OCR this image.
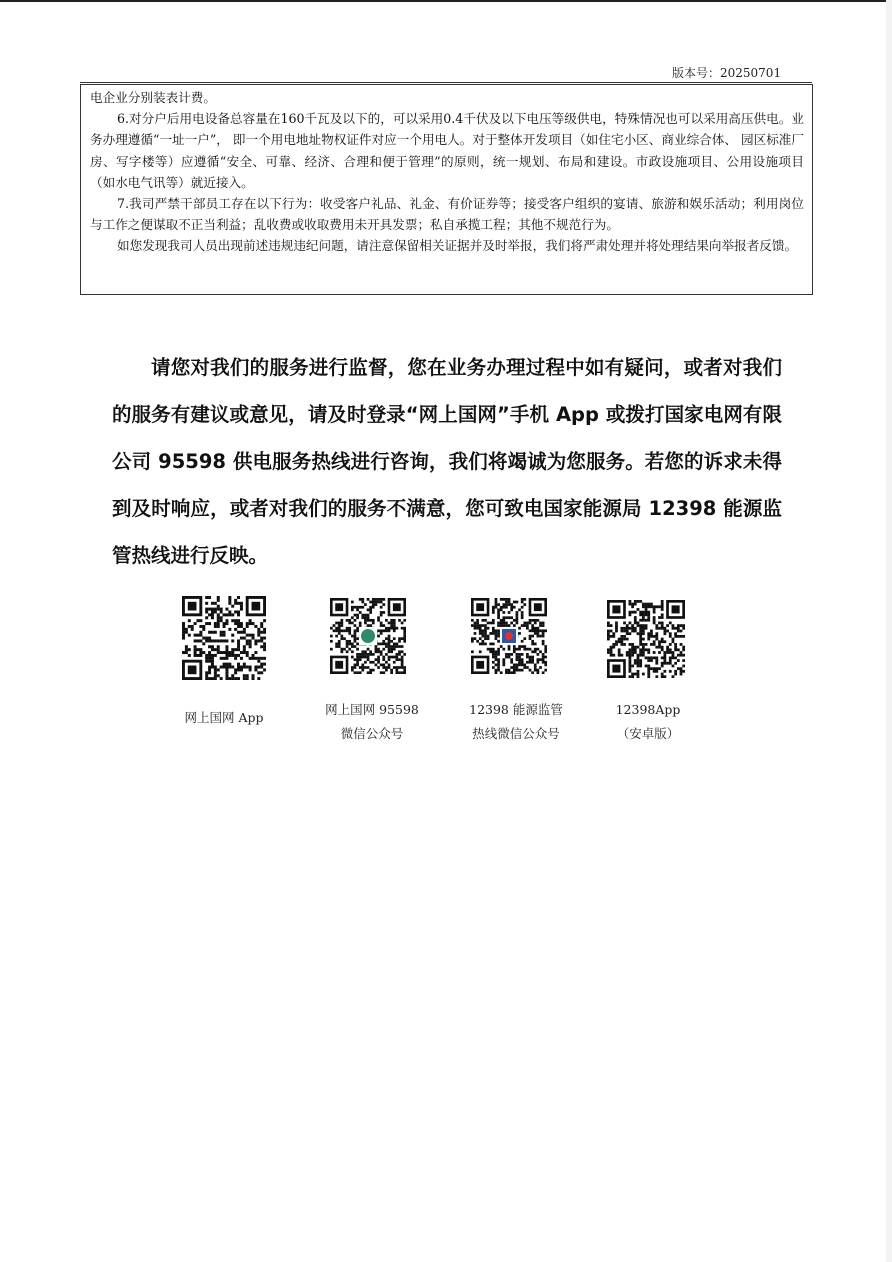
版本号：20250701

电企业分别装表计费。

6.对分户后用电设备总容量在160千瓦及以下的，可以采用0.4千伏及以下电压等级供电，特殊情况也可以采用高压供电。业务办理遵循“一址一户”， 即一个用电地址物权证件对应一个用电人。对于整体开发项目（如住宅小区、商业综合体、 园区标准厂房、写字楼等）应遵循“安全、可靠、经济、合理和便于管理”的原则，统一规划、布局和建设。市政设施项目、公用设施项目（如水电气讯等）就近接入。

7.我司严禁干部员工存在以下行为：收受客户礼品、礼金、有价证券等；接受客户组织的宴请、旅游和娱乐活动；利用岗位与工作之便谋取不正当利益；乱收费或收取费用未开具发票；私自承揽工程；其他不规范行为。

如您发现我司人员出现前述违规违纪问题，请注意保留相关证据并及时举报，我们将严肃处理并将处理结果向举报者反馈。

请您对我们的服务进行监督，您在业务办理过程中如有疑问，或者对我们的服务有建议或意见，请及时登录“网上国网”手机 App 或拨打国家电网有限公司 95598 供电服务热线进行咨询，我们将竭诚为您服务。若您的诉求未得到及时响应，或者对我们的服务不满意，您可致电国家能源局 12398 能源监管热线进行反映。
网上国网 App
网上国网 95598
微信公众号
12398 能源监管
热线微信公众号
12398App
（安卓版）
